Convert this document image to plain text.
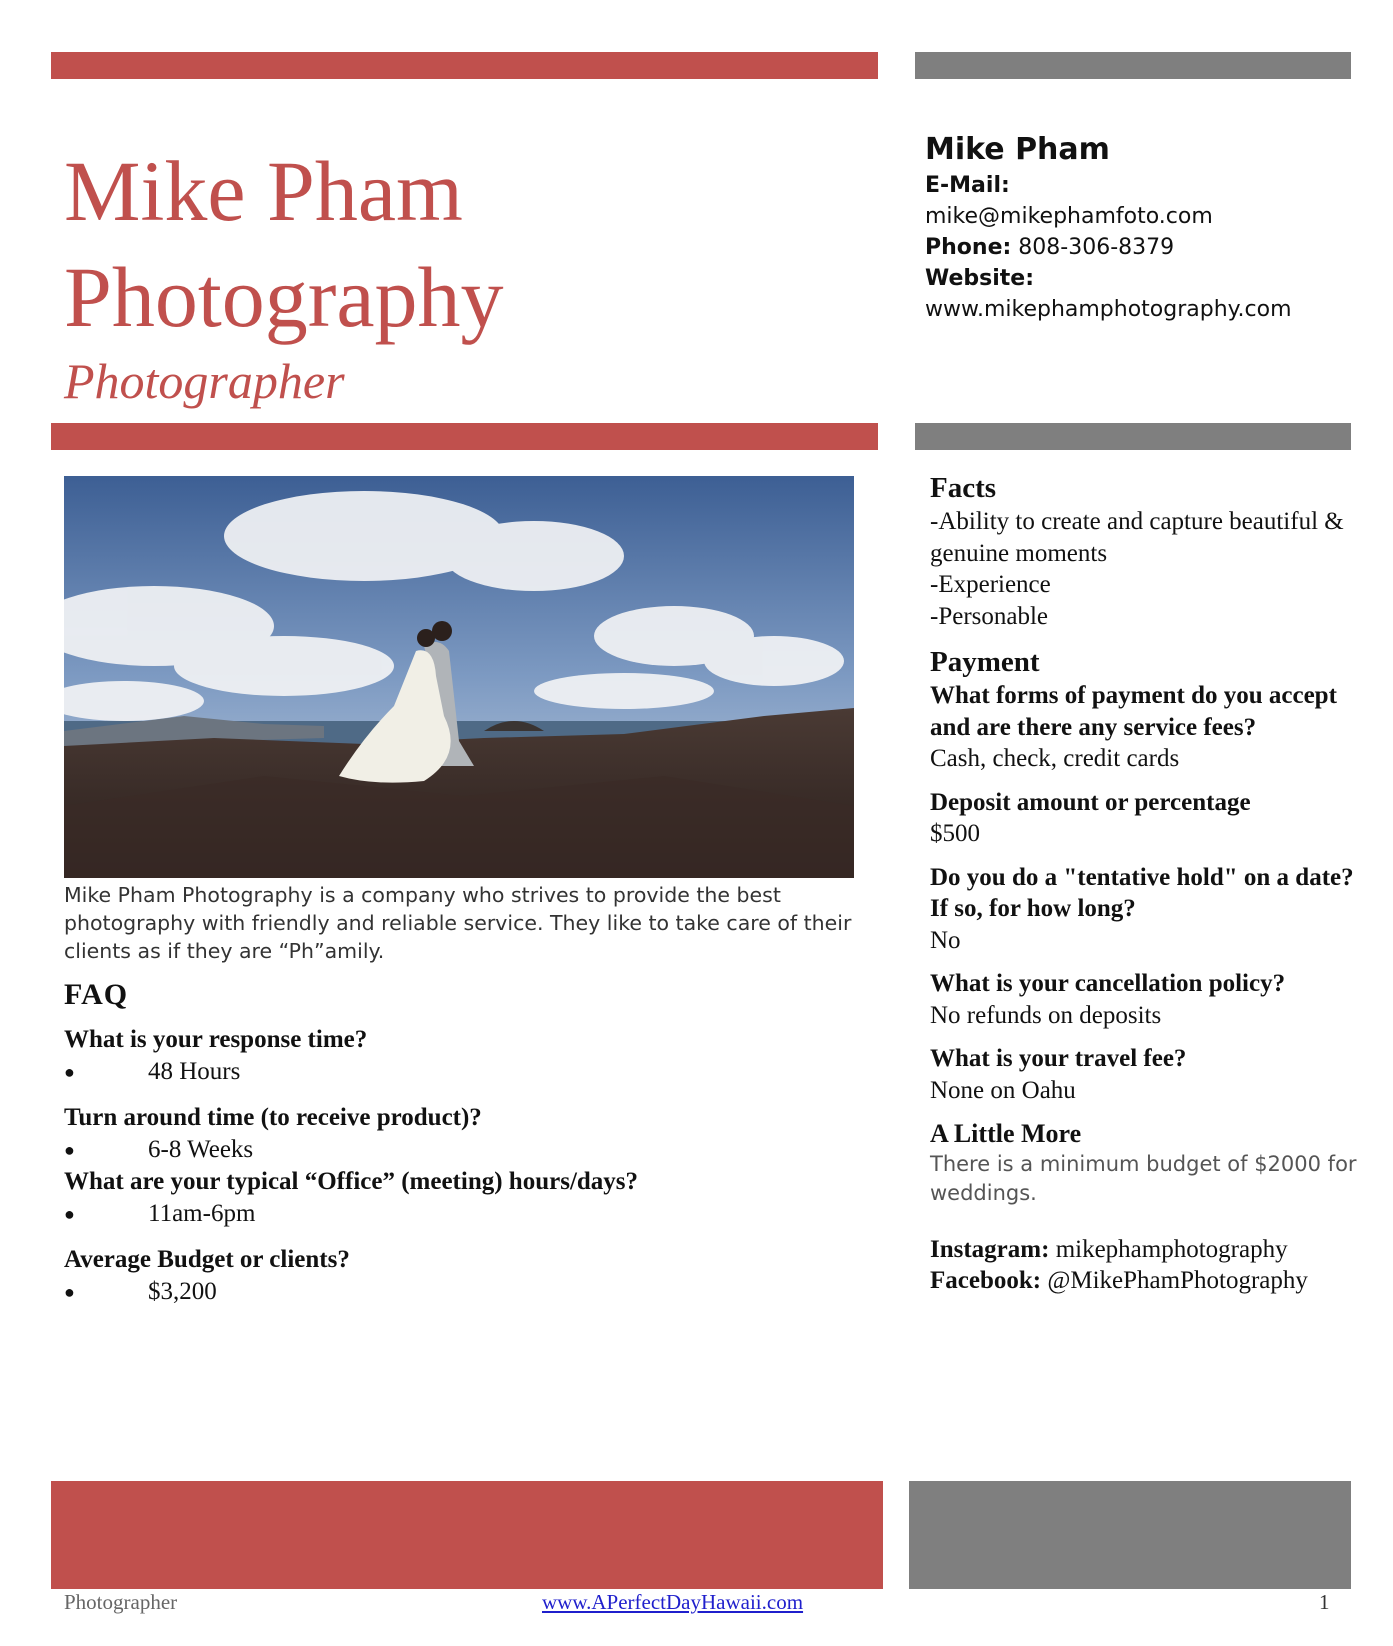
Mike Pham
Photography
Photographer
Mike Pham
E-Mail:
mike@mikephamfoto.com
Phone: 808-306-8379
Website:
www.mikephamphotography.com
Mike Pham Photography is a company who strives to provide the best photography with friendly and reliable service. They like to take care of their clients as if they are “Ph”amily.
FAQ
What is your response time?
● 48 Hours
Turn around time (to receive product)?
● 6-8 Weeks
What are your typical “Office” (meeting) hours/days?
● 11am-6pm
Average Budget or clients?
● $3,200
Facts
-Ability to create and capture beautiful & genuine moments
-Experience
-Personable
Payment
What forms of payment do you accept and are there any service fees?
Cash, check, credit cards
Deposit amount or percentage
$500
Do you do a "tentative hold" on a date? If so, for how long?
No
What is your cancellation policy?
No refunds on deposits
What is your travel fee?
None on Oahu
A Little More
There is a minimum budget of $2000 for weddings.
Instagram: mikephamphotography
Facebook: @MikePhamPhotography
Photographer	www.APerfectDayHawaii.com	1
